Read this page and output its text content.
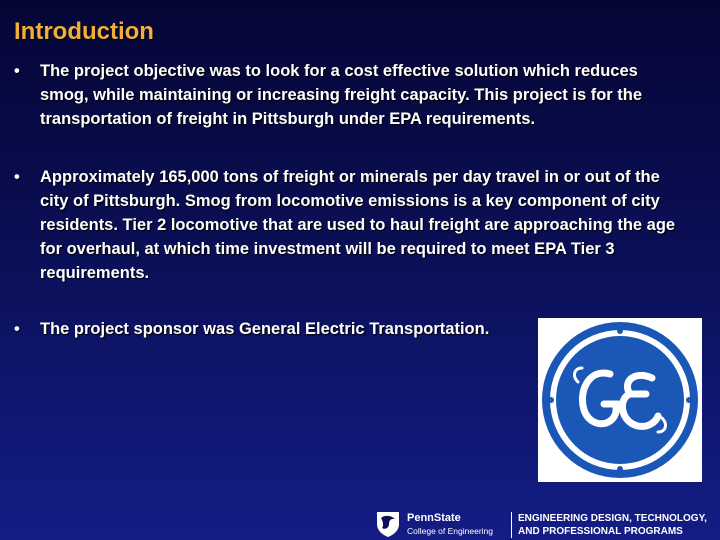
Introduction
• The project objective was to look for a cost effective solution which reduces smog, while maintaining or increasing freight capacity. This project is for the transportation of freight in Pittsburgh under EPA requirements.
• Approximately 165,000 tons of freight or minerals per day travel in or out of the city of Pittsburgh. Smog from locomotive emissions is a key component of city residents. Tier 2 locomotive that are used to haul freight are approaching the age for overhaul, at which time investment will be required to meet EPA Tier 3 requirements.
• The project sponsor was General Electric Transportation.
PennState
College of Engineering
ENGINEERING DESIGN, TECHNOLOGY,
AND PROFESSIONAL PROGRAMS
